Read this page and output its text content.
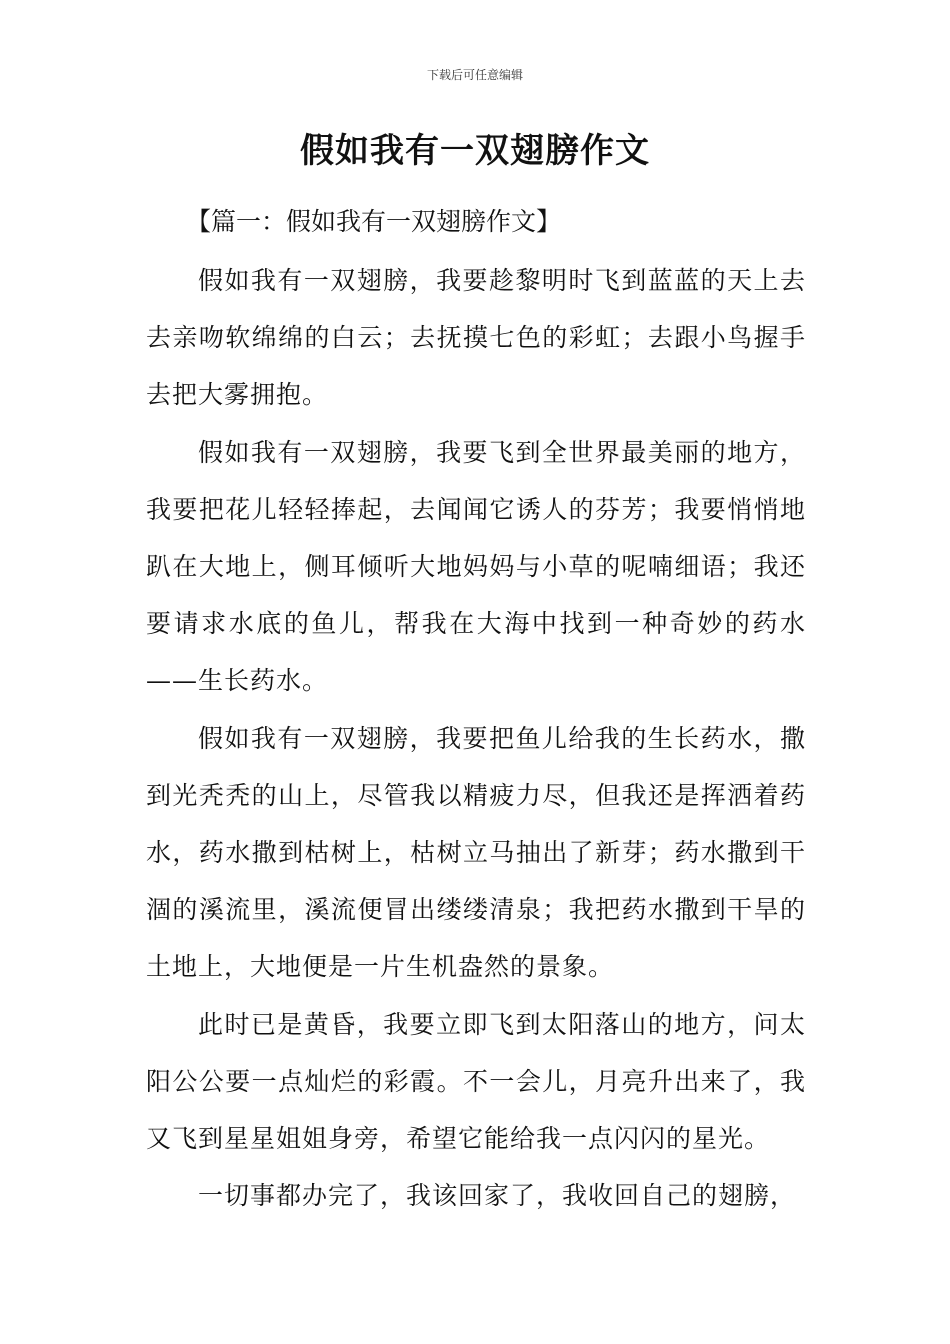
下载后可任意编辑
假如我有一双翅膀作文
【篇一：假如我有一双翅膀作文】

假如我有一双翅膀，我要趁黎明时飞到蓝蓝的天上去去亲吻软绵绵的白云；去抚摸七色的彩虹；去跟小鸟握手去把大雾拥抱。

假如我有一双翅膀，我要飞到全世界最美丽的地方，我要把花儿轻轻捧起，去闻闻它诱人的芬芳；我要悄悄地趴在大地上，侧耳倾听大地妈妈与小草的呢喃细语；我还要请求水底的鱼儿，帮我在大海中找到一种奇妙的药水——生长药水。

假如我有一双翅膀，我要把鱼儿给我的生长药水，撒到光秃秃的山上，尽管我以精疲力尽，但我还是挥洒着药水，药水撒到枯树上，枯树立马抽出了新芽；药水撒到干涸的溪流里，溪流便冒出缕缕清泉；我把药水撒到干旱的土地上，大地便是一片生机盎然的景象。

此时已是黄昏，我要立即飞到太阳落山的地方，问太阳公公要一点灿烂的彩霞。不一会儿，月亮升出来了，我又飞到星星姐姐身旁，希望它能给我一点闪闪的星光。

一切事都办完了，我该回家了，我收回自己的翅膀，
